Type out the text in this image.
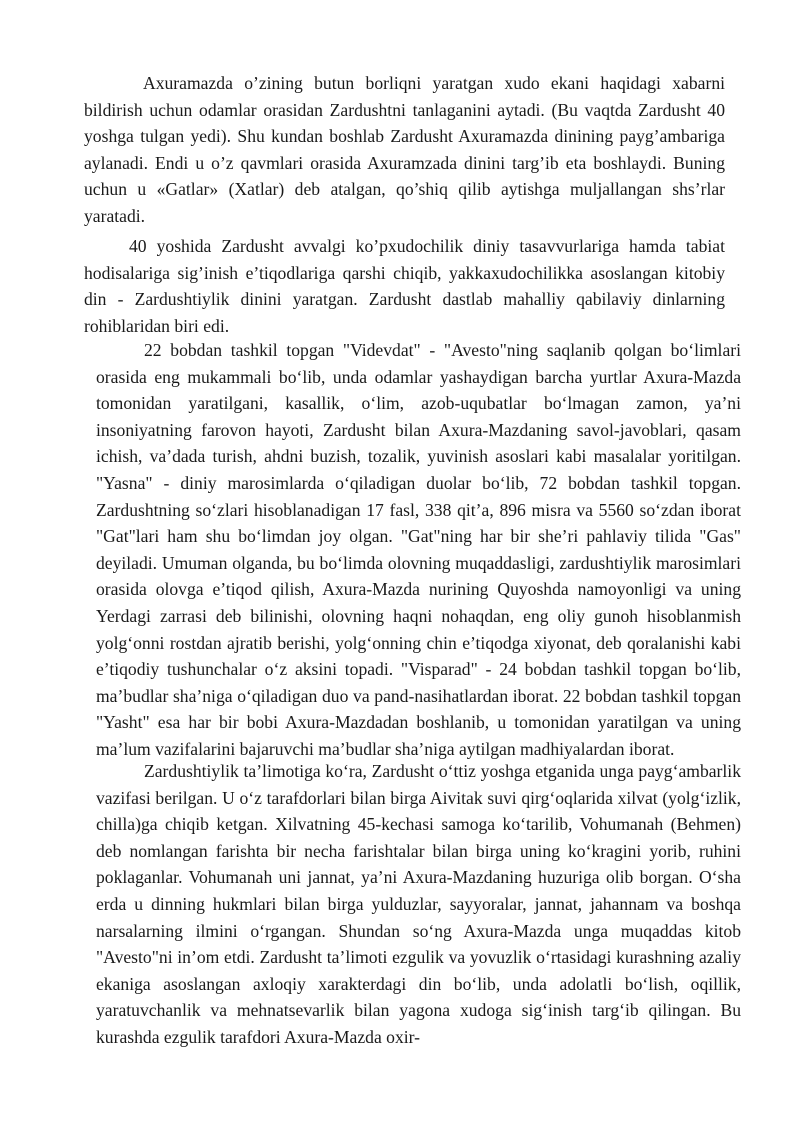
Axuramazda o’zining butun borliqni yaratgan xudo ekani haqidagi xabarni bildirish uchun odamlar orasidan Zardushtni tanlaganini aytadi. (Bu vaqtda Zardusht 40 yoshga tulgan yedi). Shu kundan boshlab Zardusht Axuramazda dinining payg’ambariga aylanadi. Endi u o’z qavmlari orasida Axuramzada dinini targ’ib eta boshlaydi. Buning uchun u «Gatlar» (Xatlar) deb atalgan, qo’shiq qilib aytishga muljallangan shs’rlar yaratadi.

40 yoshida Zardusht avvalgi ko’pxudochilik diniy tasavvurlariga hamda tabiat hodisalariga sig’inish e’tiqodlariga qarshi chiqib, yakkaxudochilikka asoslangan kitobiy din - Zardushtiylik dinini yaratgan. Zardusht dastlab mahalliy qabilaviy dinlarning rohiblaridan biri edi.

22 bobdan tashkil topgan "Videvdat" - "Avesto"ning saqlanib qolgan bo‘limlari orasida eng mukammali bo‘lib, unda odamlar yashaydigan barcha yurtlar Axura-Mazda tomonidan yaratilgani, kasallik, o‘lim, azob-uqubatlar bo‘lmagan zamon, ya’ni insoniyatning farovon hayoti, Zardusht bilan Axura-Mazdaning savol-javoblari, qasam ichish, va’dada turish, ahdni buzish, tozalik, yuvinish asoslari kabi masalalar yoritilgan. "Yasna" - diniy marosimlarda o‘qiladigan duolar bo‘lib, 72 bobdan tashkil topgan. Zardushtning so‘zlari hisoblanadigan 17 fasl, 338 qit’a, 896 misra va 5560 so‘zdan iborat "Gat"lari ham shu bo‘limdan joy olgan. "Gat"ning har bir she’ri pahlaviy tilida "Gas" deyiladi. Umuman olganda, bu bo‘limda olovning muqaddasligi, zardushtiylik marosimlari orasida olovga e’tiqod qilish, Axura-Mazda nurining Quyoshda namoyonligi va uning Yerdagi zarrasi deb bilinishi, olovning haqni nohaqdan, eng oliy gunoh hisoblanmish yolg‘onni rostdan ajratib berishi, yolg‘onning chin e’tiqodga xiyonat, deb qoralanishi kabi e’tiqodiy tushunchalar o‘z aksini topadi. "Visparad" - 24 bobdan tashkil topgan bo‘lib, ma’budlar sha’niga o‘qiladigan duo va pand-nasihatlardan iborat. 22 bobdan tashkil topgan "Yasht" esa har bir bobi Axura-Mazdadan boshlanib, u tomonidan yaratilgan va uning ma’lum vazifalarini bajaruvchi ma’budlar sha’niga aytilgan madhiyalardan iborat.

Zardushtiylik ta’limotiga ko‘ra, Zardusht o‘ttiz yoshga etganida unga payg‘ambarlik vazifasi berilgan. U o‘z tarafdorlari bilan birga Aivitak suvi qirg‘oqlarida xilvat (yolg‘izlik, chilla)ga chiqib ketgan. Xilvatning 45-kechasi samoga ko‘tarilib, Vohumanah (Behmen) deb nomlangan farishta bir necha farishtalar bilan birga uning ko‘kragini yorib, ruhini poklaganlar. Vohumanah uni jannat, ya’ni Axura-Mazdaning huzuriga olib borgan. O‘sha erda u dinning hukmlari bilan birga yulduzlar, sayyoralar, jannat, jahannam va boshqa narsalarning ilmini o‘rgangan. Shundan so‘ng Axura-Mazda unga muqaddas kitob "Avesto"ni in’om etdi. Zardusht ta’limoti ezgulik va yovuzlik o‘rtasidagi kurashning azaliy ekaniga asoslangan axloqiy xarakterdagi din bo‘lib, unda adolatli bo‘lish, oqillik, yaratuvchanlik va mehnatsevarlik bilan yagona xudoga sig‘inish targ‘ib qilingan. Bu kurashda ezgulik tarafdori Axura-Mazda oxir-
